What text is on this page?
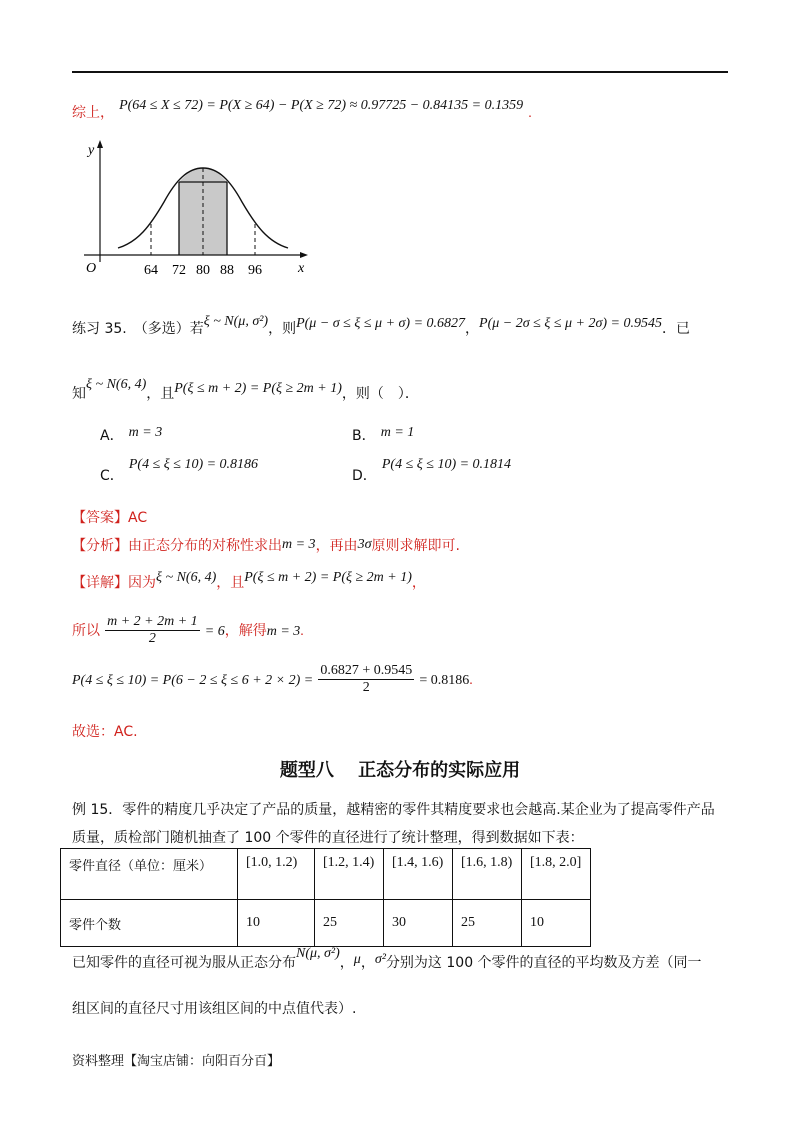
综上， P(64 ≤ X ≤ 72) = P(X ≥ 64) − P(X ≥ 72) ≈ 0.97725 − 0.84135 = 0.1359 .
y
x
O	64 72 80 88 96
练习 35.　（多选）若ξ ~ N(μ, σ²)，则P(μ − σ ≤ ξ ≤ μ + σ) = 0.6827，P(μ − 2σ ≤ ξ ≤ μ + 2σ) = 0.9545．已
知ξ ~ N(6, 4)，且P(ξ ≤ m + 2) = P(ξ ≥ 2m + 1)，则（　）．
A． m = 3	B． m = 1
C． P(4 ≤ ξ ≤ 10) = 0.8186
D． P(4 ≤ ξ ≤ 10) = 0.1814
【答案】AC
【分析】由正态分布的对称性求出m = 3，再由3σ原则求解即可.
【详解】因为ξ ~ N(6, 4)，且P(ξ ≤ m + 2) = P(ξ ≥ 2m + 1)，
所以 $\frac{m + 2 + 2m + 1}{2} = 6$，解得m = 3.
$P(4 \le \xi \le 10) = P(6 - 2 \le \xi \le 6 + 2 \times 2) = \frac{0.6827 + 0.9545}{2} = 0.8186$.
故选：AC.
题型八　 正态分布的实际应用
例 15．零件的精度几乎决定了产品的质量，越精密的零件其精度要求也会越高.某企业为了提高零件产品
质量，质检部门随机抽查了 100 个零件的直径进行了统计整理，得到数据如下表：
零件直径（单位：厘米）	[1.0, 1.2)	[1.2, 1.4)	[1.4, 1.6)	[1.6, 1.8)	[1.8, 2.0]
零件个数	10	25	30	25	10
已知零件的直径可视为服从正态分布N(μ, σ²)，μ，σ²分别为这 100 个零件的直径的平均数及方差（同一
组区间的直径尺寸用该组区间的中点值代表）.
资料整理【淘宝店铺：向阳百分百】
